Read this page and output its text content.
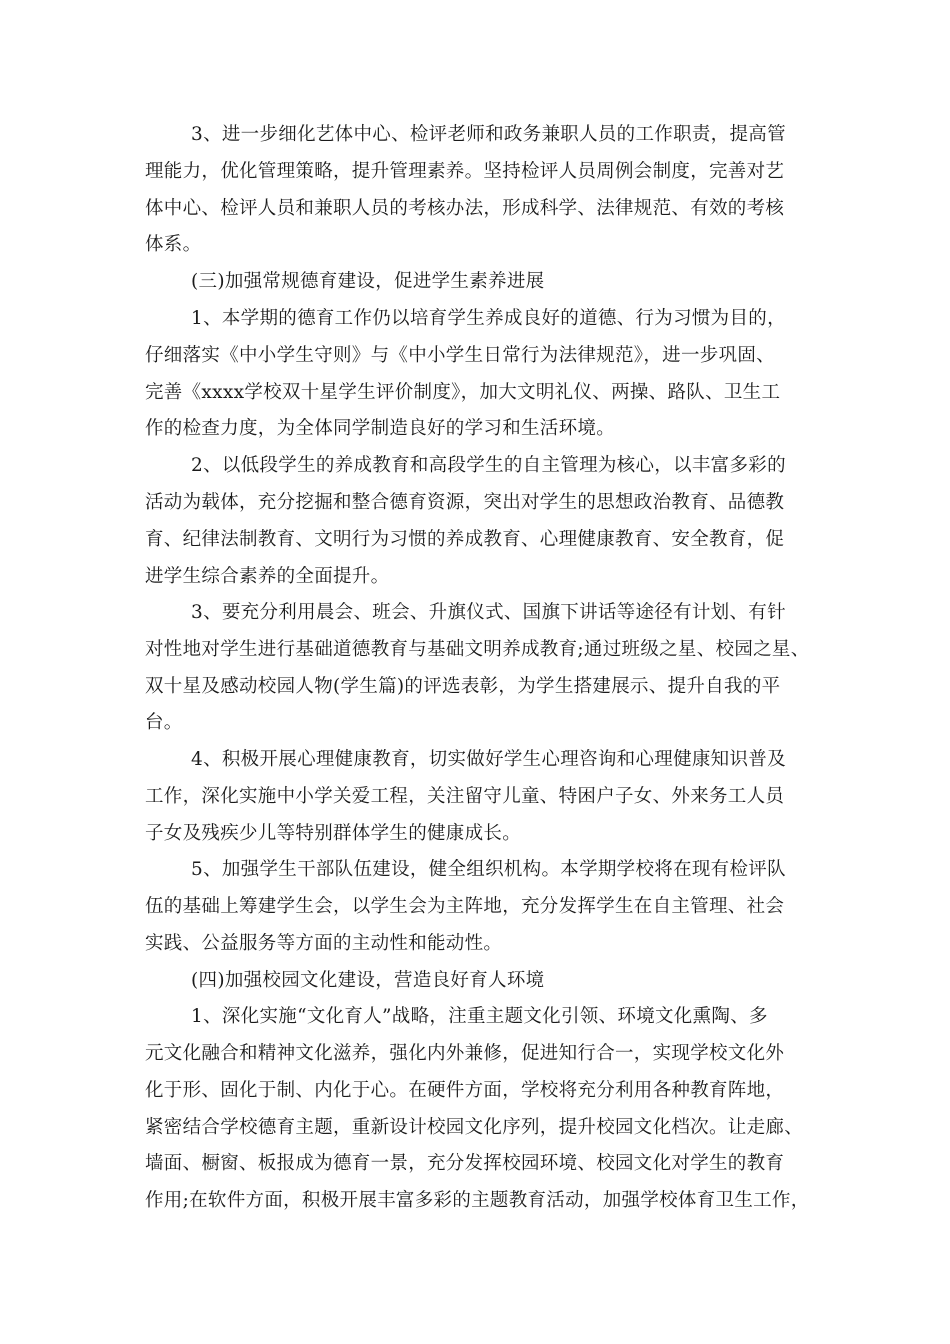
3、进一步细化艺体中心、检评老师和政务兼职人员的工作职责，提高管
理能力，优化管理策略，提升管理素养。坚持检评人员周例会制度，完善对艺
体中心、检评人员和兼职人员的考核办法，形成科学、法律规范、有效的考核
体系。
(三)加强常规德育建设，促进学生素养进展
1、本学期的德育工作仍以培育学生养成良好的道德、行为习惯为目的，
仔细落实《中小学生守则》与《中小学生日常行为法律规范》，进一步巩固、
完善《xxxx学校双十星学生评价制度》，加大文明礼仪、两操、路队、卫生工
作的检查力度，为全体同学制造良好的学习和生活环境。
2、以低段学生的养成教育和高段学生的自主管理为核心，以丰富多彩的
活动为载体，充分挖掘和整合德育资源，突出对学生的思想政治教育、品德教
育、纪律法制教育、文明行为习惯的养成教育、心理健康教育、安全教育，促
进学生综合素养的全面提升。
3、要充分利用晨会、班会、升旗仪式、国旗下讲话等途径有计划、有针
对性地对学生进行基础道德教育与基础文明养成教育;通过班级之星、校园之星、
双十星及感动校园人物(学生篇)的评选表彰，为学生搭建展示、提升自我的平
台。
4、积极开展心理健康教育，切实做好学生心理咨询和心理健康知识普及
工作，深化实施中小学关爱工程，关注留守儿童、特困户子女、外来务工人员
子女及残疾少儿等特别群体学生的健康成长。
5、加强学生干部队伍建设，健全组织机构。本学期学校将在现有检评队
伍的基础上筹建学生会，以学生会为主阵地，充分发挥学生在自主管理、社会
实践、公益服务等方面的主动性和能动性。
(四)加强校园文化建设，营造良好育人环境
1、深化实施“文化育人”战略，注重主题文化引领、环境文化熏陶、多
元文化融合和精神文化滋养，强化内外兼修，促进知行合一，实现学校文化外
化于形、固化于制、内化于心。在硬件方面，学校将充分利用各种教育阵地，
紧密结合学校德育主题，重新设计校园文化序列，提升校园文化档次。让走廊、
墙面、橱窗、板报成为德育一景，充分发挥校园环境、校园文化对学生的教育
作用;在软件方面，积极开展丰富多彩的主题教育活动，加强学校体育卫生工作，
